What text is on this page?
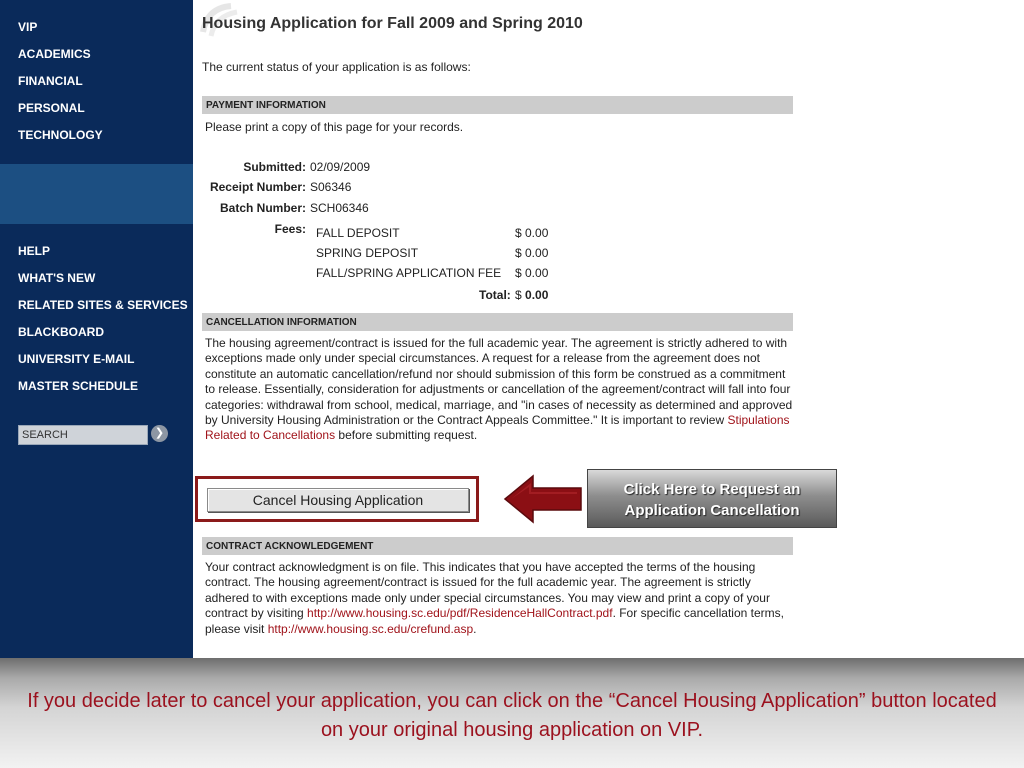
VIP
ACADEMICS
FINANCIAL
PERSONAL
TECHNOLOGY
HELP
WHAT'S NEW
RELATED SITES & SERVICES
BLACKBOARD
UNIVERSITY E-MAIL
MASTER SCHEDULE
SEARCH
❯
Housing Application for Fall 2009 and Spring 2010
The current status of your application is as follows:
PAYMENT INFORMATION
Please print a copy of this page for your records.
Submitted: 02/09/2009
Receipt Number: S06346
Batch Number: SCH06346
Fees: FALL DEPOSIT	$ 0.00
SPRING DEPOSIT	$ 0.00
FALL/SPRING APPLICATION FEE $ 0.00
Total: $ 0.00
CANCELLATION INFORMATION
The housing agreement/contract is issued for the full academic year. The agreement is strictly adhered to with exceptions made only under special circumstances. A request for a release from the agreement does not constitute an automatic cancellation/refund nor should submission of this form be construed as a commitment to release. Essentially, consideration for adjustments or cancellation of the agreement/contract will fall into four categories: withdrawal from school, medical, marriage, and "in cases of necessity as determined and approved by University Housing Administration or the Contract Appeals Committee." It is important to review Stipulations Related to Cancellations before submitting request.
Cancel Housing Application
CONTRACT ACKNOWLEDGEMENT
Your contract acknowledgment is on file. This indicates that you have accepted the terms of the housing contract. The housing agreement/contract is issued for the full academic year. The agreement is strictly adhered to with exceptions made only under special circumstances. You may view and print a copy of your contract by visiting http://www.housing.sc.edu/pdf/ResidenceHallContract.pdf. For specific cancellation terms, please visit http://www.housing.sc.edu/crefund.asp.
Click Here to Request an
Application Cancellation
If you decide later to cancel your application, you can click on the “Cancel Housing Application” button located on your original housing application on VIP.
